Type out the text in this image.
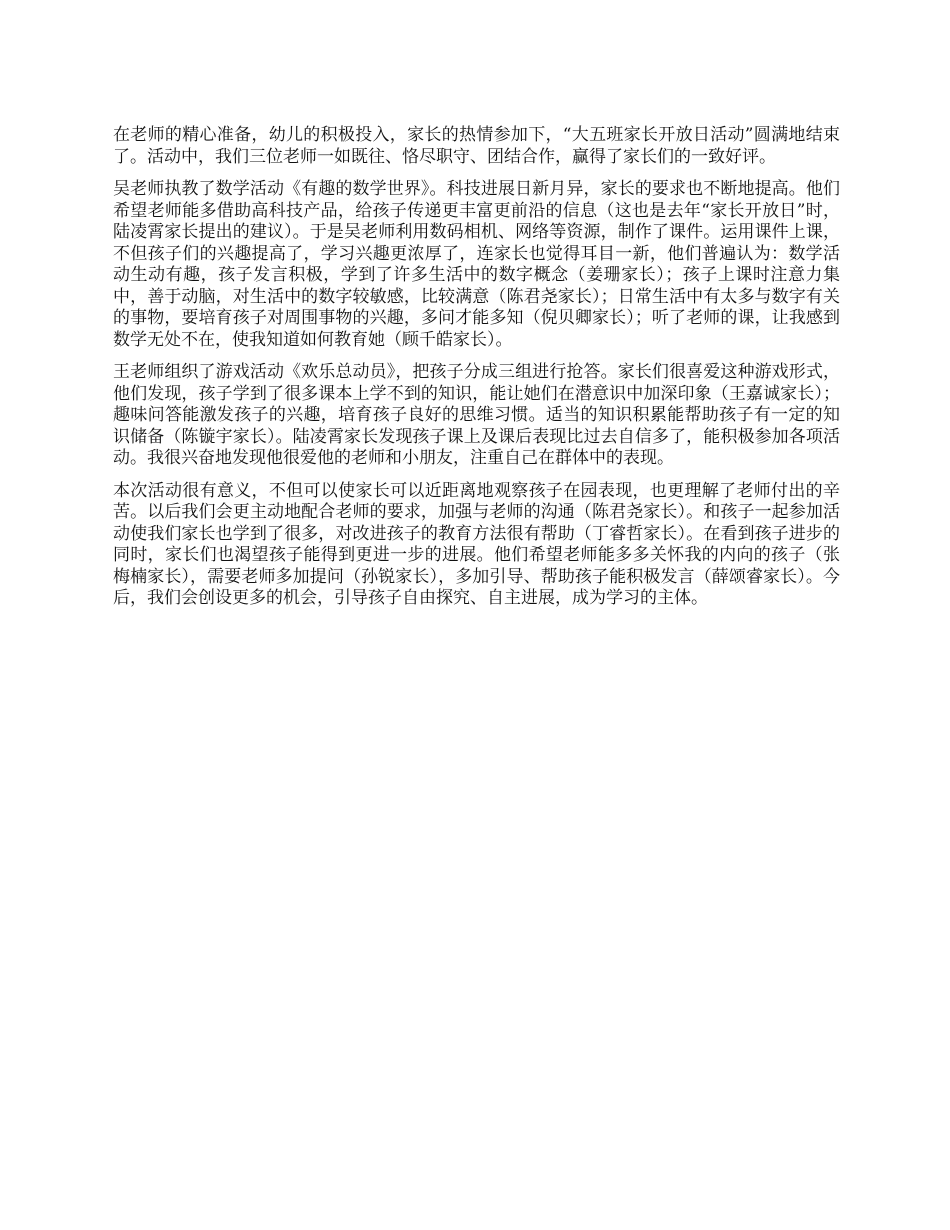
在老师的精心准备，幼儿的积极投入，家长的热情参加下，“大五班家长开放日活动”圆满地结束了。活动中，我们三位老师一如既往、恪尽职守、团结合作，赢得了家长们的一致好评。

吴老师执教了数学活动《有趣的数学世界》。科技进展日新月异，家长的要求也不断地提高。他们希望老师能多借助高科技产品，给孩子传递更丰富更前沿的信息（这也是去年“家长开放日”时，陆凌霄家长提出的建议）。于是吴老师利用数码相机、网络等资源，制作了课件。运用课件上课，不但孩子们的兴趣提高了，学习兴趣更浓厚了，连家长也觉得耳目一新，他们普遍认为：数学活动生动有趣，孩子发言积极，学到了许多生活中的数字概念（姜珊家长）；孩子上课时注意力集中，善于动脑，对生活中的数字较敏感，比较满意（陈君尧家长）；日常生活中有太多与数字有关的事物，要培育孩子对周围事物的兴趣，多问才能多知（倪贝卿家长）；听了老师的课，让我感到数学无处不在，使我知道如何教育她（顾千皓家长）。

王老师组织了游戏活动《欢乐总动员》，把孩子分成三组进行抢答。家长们很喜爱这种游戏形式，他们发现，孩子学到了很多课本上学不到的知识，能让她们在潜意识中加深印象（王嘉诚家长）；趣味问答能激发孩子的兴趣，培育孩子良好的思维习惯。适当的知识积累能帮助孩子有一定的知识储备（陈镟宇家长）。陆凌霄家长发现孩子课上及课后表现比过去自信多了，能积极参加各项活动。我很兴奋地发现他很爱他的老师和小朋友，注重自己在群体中的表现。

本次活动很有意义，不但可以使家长可以近距离地观察孩子在园表现，也更理解了老师付出的辛苦。以后我们会更主动地配合老师的要求，加强与老师的沟通（陈君尧家长）。和孩子一起参加活动使我们家长也学到了很多，对改进孩子的教育方法很有帮助（丁睿哲家长）。在看到孩子进步的同时，家长们也渴望孩子能得到更进一步的进展。他们希望老师能多多关怀我的内向的孩子（张梅楠家长），需要老师多加提问（孙锐家长），多加引导、帮助孩子能积极发言（薛颂睿家长）。今后，我们会创设更多的机会，引导孩子自由探究、自主进展，成为学习的主体。
